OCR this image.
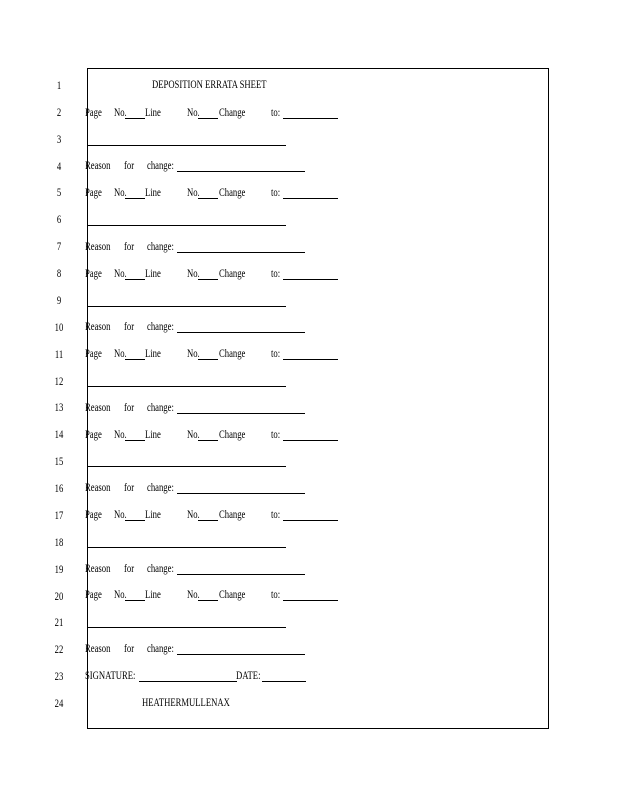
1
2
3
4
5
6
7
8
9
10
11
12
13
14
15
16
17
18
19
20
21
22
23
24
DEPOSITION ERRATA SHEET
Page No. Line No. Change to:
Reason for change:
Page No. Line No. Change to:
Reason for change:
Page No. Line No. Change to:
Reason for change:
Page No. Line No. Change to:
Reason for change:
Page No. Line No. Change to:
Reason for change:
Page No. Line No. Change to:
Reason for change:
Page No. Line No. Change to:
Reason for change:
SIGNATURE:	DATE:
HEATHERMULLENAX
